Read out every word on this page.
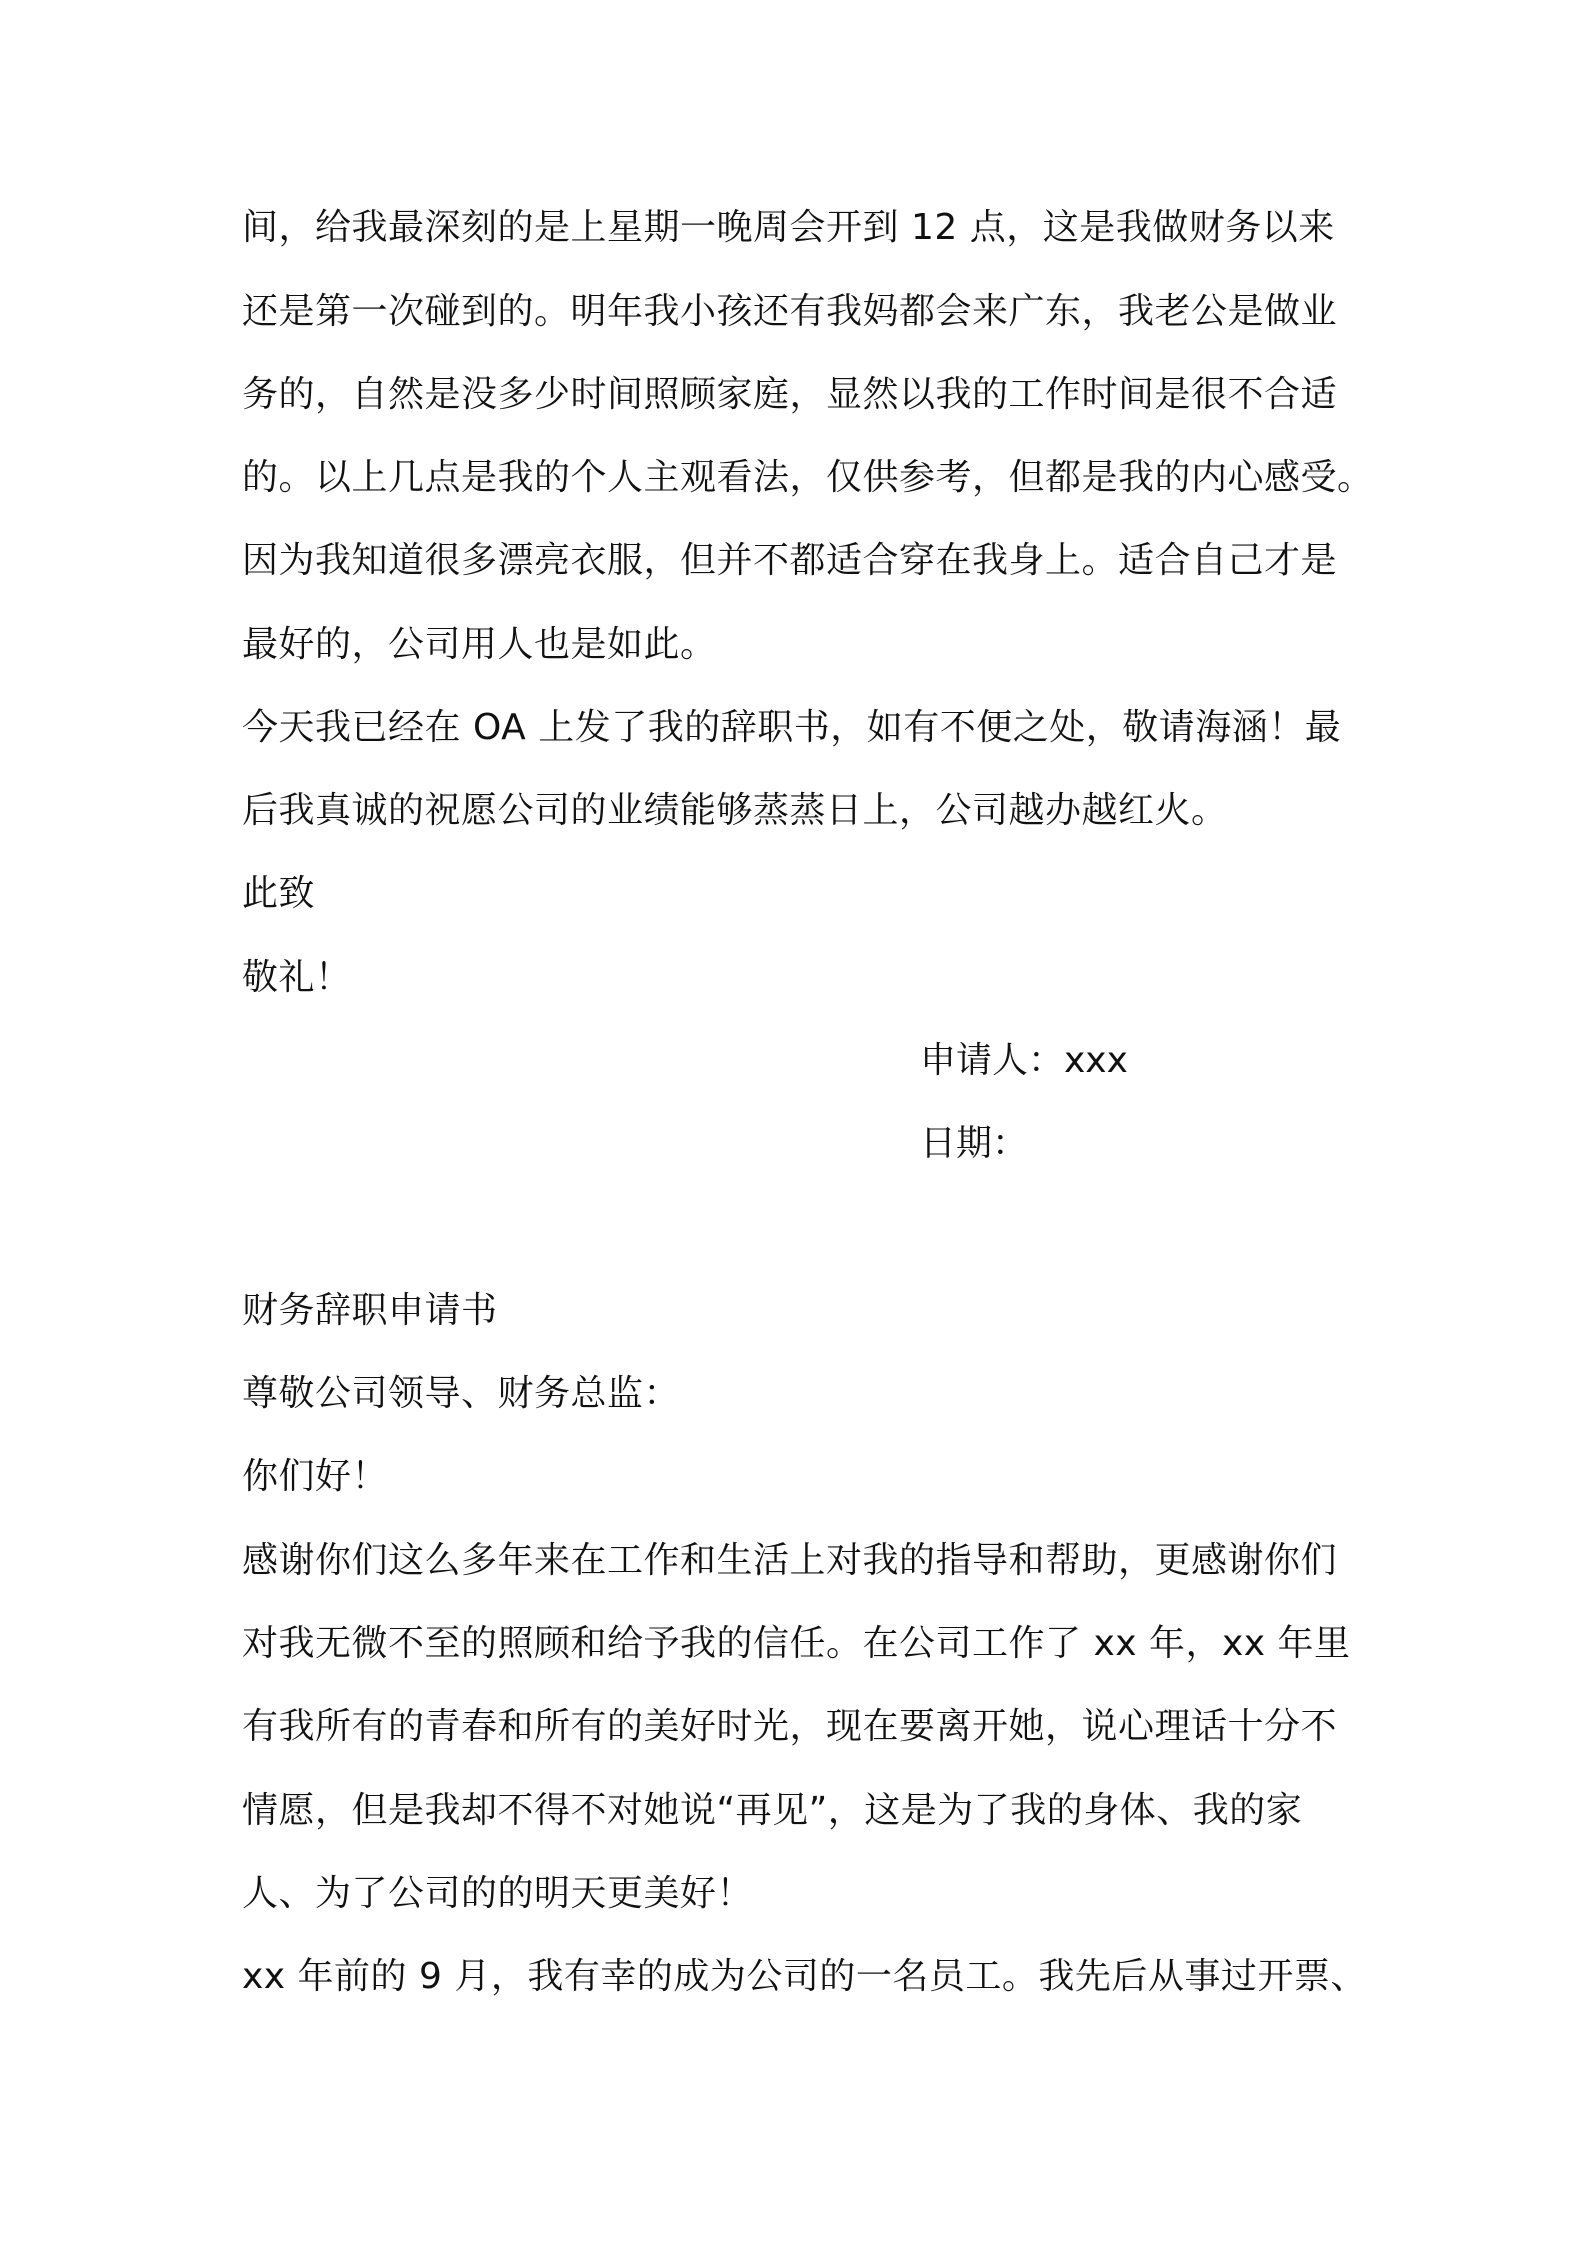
间，给我最深刻的是上星期一晚周会开到 12 点，这是我做财务以来
还是第一次碰到的。明年我小孩还有我妈都会来广东，我老公是做业
务的，自然是没多少时间照顾家庭，显然以我的工作时间是很不合适
的。以上几点是我的个人主观看法，仅供参考，但都是我的内心感受。
因为我知道很多漂亮衣服，但并不都适合穿在我身上。适合自己才是
最好的，公司用人也是如此。
今天我已经在 OA 上发了我的辞职书，如有不便之处，敬请海涵！最
后我真诚的祝愿公司的业绩能够蒸蒸日上，公司越办越红火。
此致
敬礼！
申请人：xxx
日期：
财务辞职申请书
尊敬公司领导、财务总监：
你们好！
感谢你们这么多年来在工作和生活上对我的指导和帮助，更感谢你们
对我无微不至的照顾和给予我的信任。在公司工作了 xx 年，xx 年里
有我所有的青春和所有的美好时光，现在要离开她，说心理话十分不
情愿，但是我却不得不对她说“再见”，这是为了我的身体、我的家
人、为了公司的的明天更美好！
xx 年前的 9 月，我有幸的成为公司的一名员工。我先后从事过开票、
